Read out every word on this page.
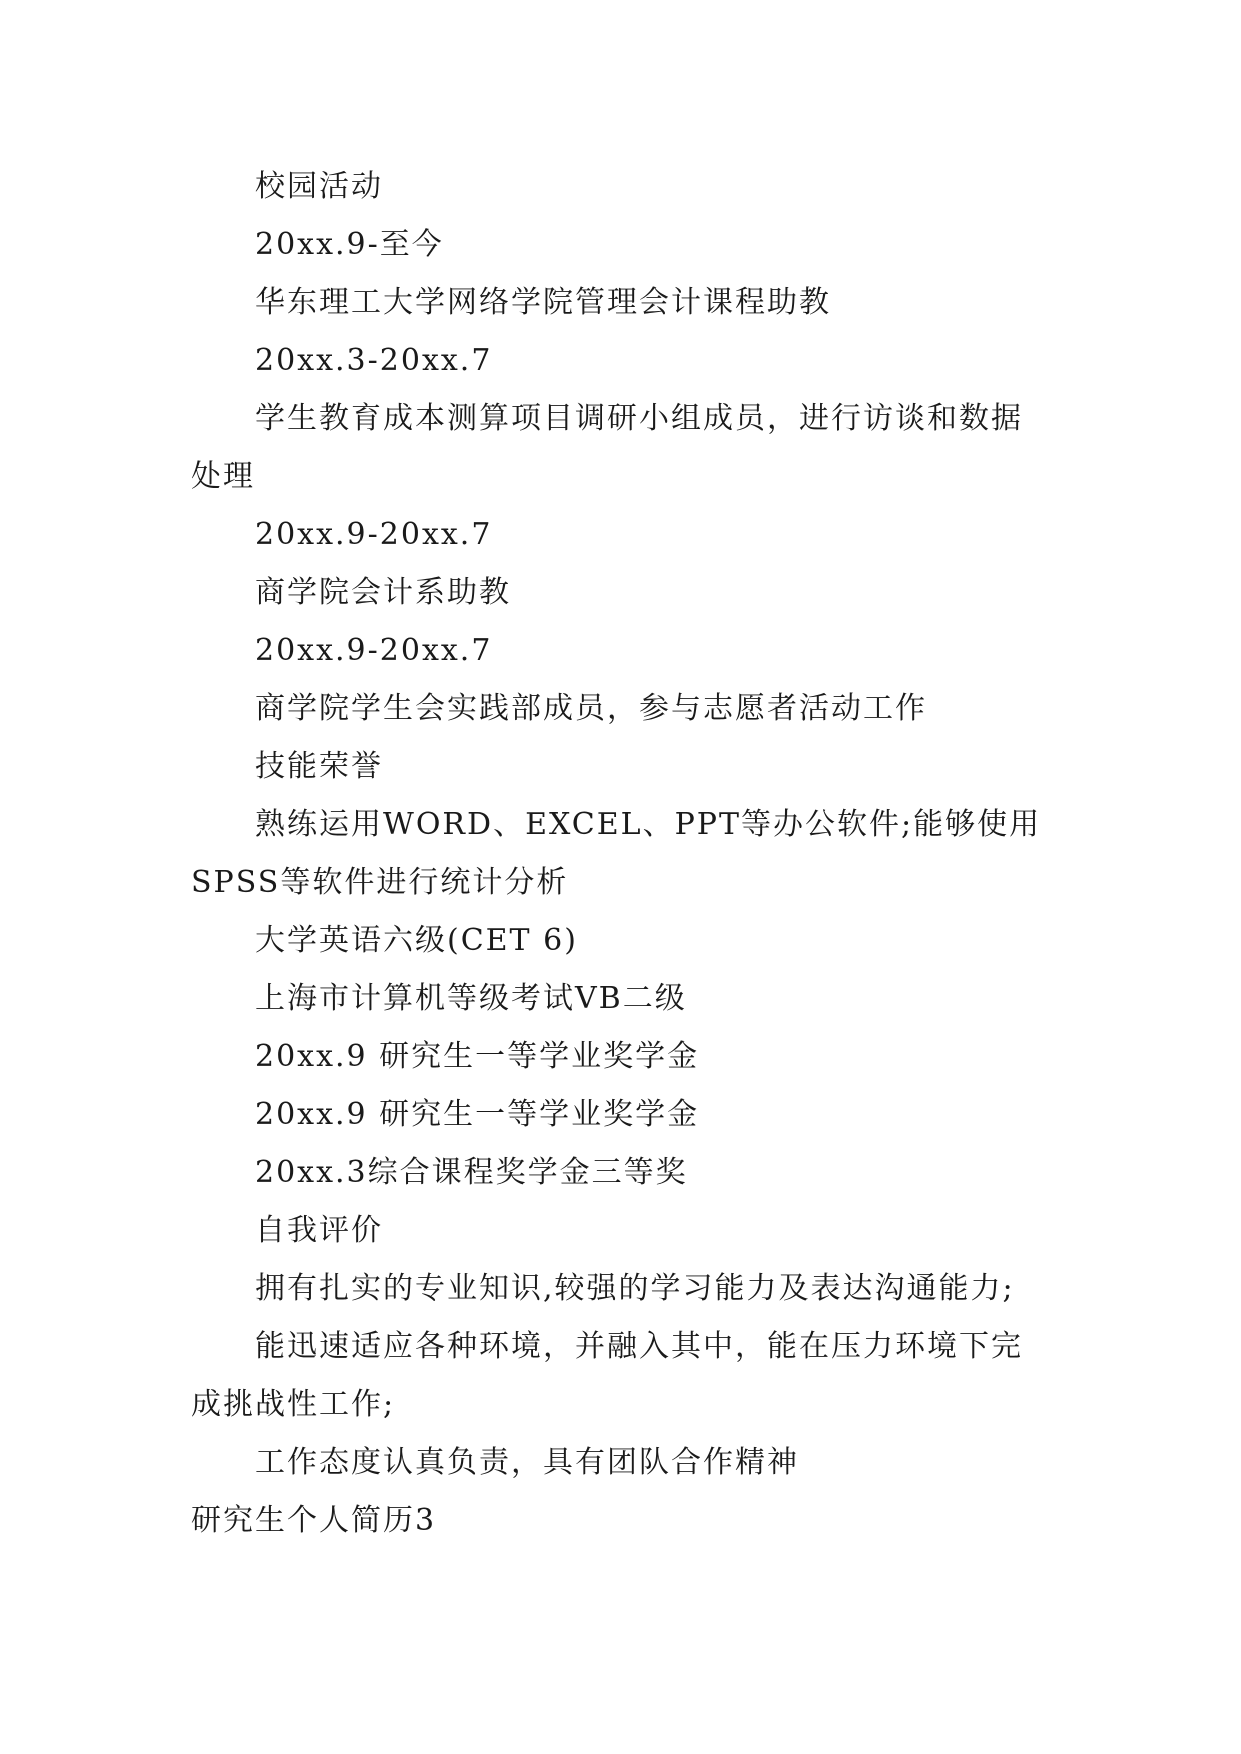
校园活动

20xx.9-至今

华东理工大学网络学院管理会计课程助教

20xx.3-20xx.7

学生教育成本测算项目调研小组成员，进行访谈和数据处理

20xx.9-20xx.7

商学院会计系助教

20xx.9-20xx.7

商学院学生会实践部成员，参与志愿者活动工作

技能荣誉

熟练运用WORD、EXCEL、PPT等办公软件;能够使用SPSS等软件进行统计分析

大学英语六级(CET 6)

上海市计算机等级考试VB二级

20xx.9 研究生一等学业奖学金

20xx.9 研究生一等学业奖学金

20xx.3综合课程奖学金三等奖

自我评价

拥有扎实的专业知识,较强的学习能力及表达沟通能力;

能迅速适应各种环境，并融入其中，能在压力环境下完成挑战性工作;

工作态度认真负责，具有团队合作精神

研究生个人简历3
